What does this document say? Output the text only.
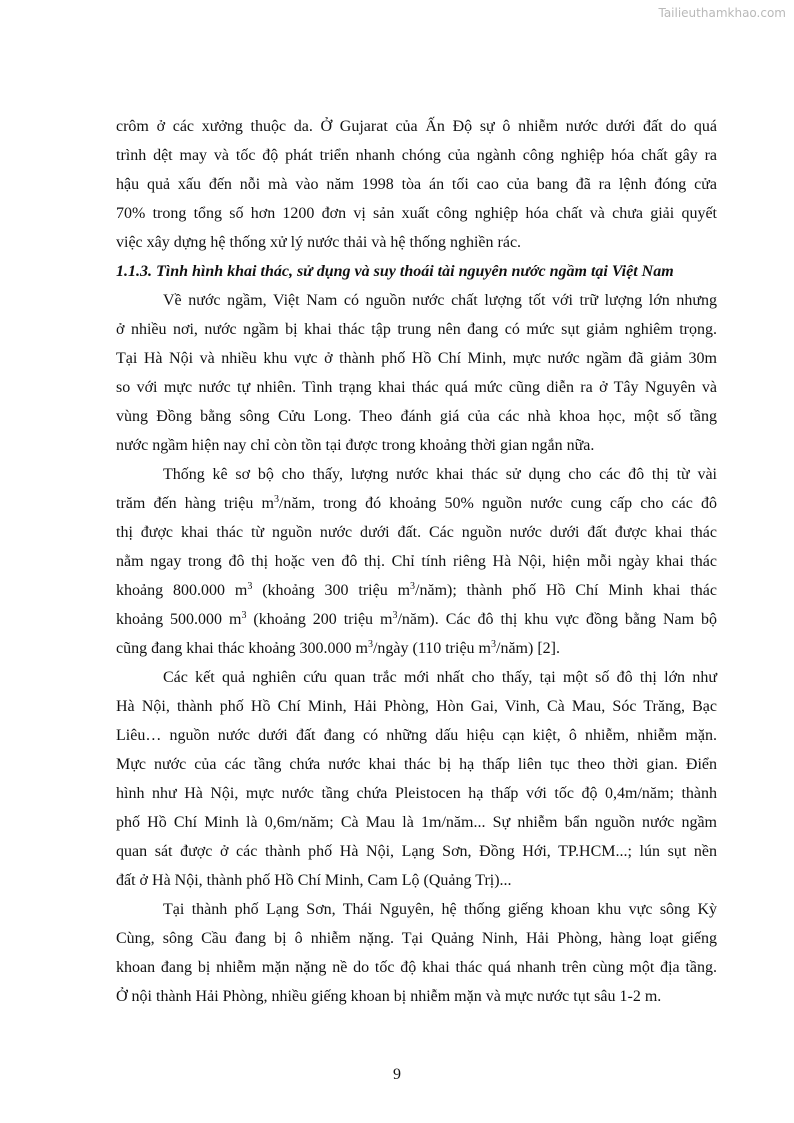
Tailieuthamkhao.com
crôm ở các xưởng thuộc da. Ở Gujarat của Ấn Độ sự ô nhiễm nước dưới đất do quá
trình dệt may và tốc độ phát triển nhanh chóng của ngành công nghiệp hóa chất gây ra
hậu quả xấu đến nỗi mà vào năm 1998 tòa án tối cao của bang đã ra lệnh đóng cửa
70% trong tổng số hơn 1200 đơn vị sản xuất công nghiệp hóa chất và chưa giải quyết
việc xây dựng hệ thống xử lý nước thải và hệ thống nghiền rác.
1.1.3. Tình hình khai thác, sử dụng và suy thoái tài nguyên nước ngầm tại Việt Nam
Về nước ngầm, Việt Nam có nguồn nước chất lượng tốt với trữ lượng lớn nhưng
ở nhiều nơi, nước ngầm bị khai thác tập trung nên đang có mức sụt giảm nghiêm trọng.
Tại Hà Nội và nhiều khu vực ở thành phố Hồ Chí Minh, mực nước ngầm đã giảm 30m
so với mực nước tự nhiên. Tình trạng khai thác quá mức cũng diễn ra ở Tây Nguyên và
vùng Đồng bằng sông Cửu Long. Theo đánh giá của các nhà khoa học, một số tầng
nước ngầm hiện nay chỉ còn tồn tại được trong khoảng thời gian ngắn nữa.
Thống kê sơ bộ cho thấy, lượng nước khai thác sử dụng cho các đô thị từ vài
trăm đến hàng triệu $m^3$/năm, trong đó khoảng 50% nguồn nước cung cấp cho các đô
thị được khai thác từ nguồn nước dưới đất. Các nguồn nước dưới đất được khai thác
nằm ngay trong đô thị hoặc ven đô thị. Chỉ tính riêng Hà Nội, hiện mỗi ngày khai thác
khoảng 800.000 $m^3$ (khoảng 300 triệu $m^3/năm$); thành phố Hồ Chí Minh khai thác
khoảng 500.000 $m^3$ (khoảng 200 triệu $m^3/năm$). Các đô thị khu vực đồng bằng Nam bộ
cũng đang khai thác khoảng 300.000 $m^3$/ngày (110 triệu $m^3/năm$) [2].
Các kết quả nghiên cứu quan trắc mới nhất cho thấy, tại một số đô thị lớn như
Hà Nội, thành phố Hồ Chí Minh, Hải Phòng, Hòn Gai, Vinh, Cà Mau, Sóc Trăng, Bạc
Liêu… nguồn nước dưới đất đang có những dấu hiệu cạn kiệt, ô nhiễm, nhiễm mặn.
Mực nước của các tầng chứa nước khai thác bị hạ thấp liên tục theo thời gian. Điển
hình như Hà Nội, mực nước tầng chứa Pleistocen hạ thấp với tốc độ 0,4m/năm; thành
phố Hồ Chí Minh là 0,6m/năm; Cà Mau là 1m/năm... Sự nhiễm bẩn nguồn nước ngầm
quan sát được ở các thành phố Hà Nội, Lạng Sơn, Đồng Hới, TP.HCM...; lún sụt nền
đất ở Hà Nội, thành phố Hồ Chí Minh, Cam Lộ (Quảng Trị)...
Tại thành phố Lạng Sơn, Thái Nguyên, hệ thống giếng khoan khu vực sông Kỳ
Cùng, sông Cầu đang bị ô nhiễm nặng. Tại Quảng Ninh, Hải Phòng, hàng loạt giếng
khoan đang bị nhiễm mặn nặng nề do tốc độ khai thác quá nhanh trên cùng một địa tầng.
Ở nội thành Hải Phòng, nhiều giếng khoan bị nhiễm mặn và mực nước tụt sâu 1-2 m.
9
